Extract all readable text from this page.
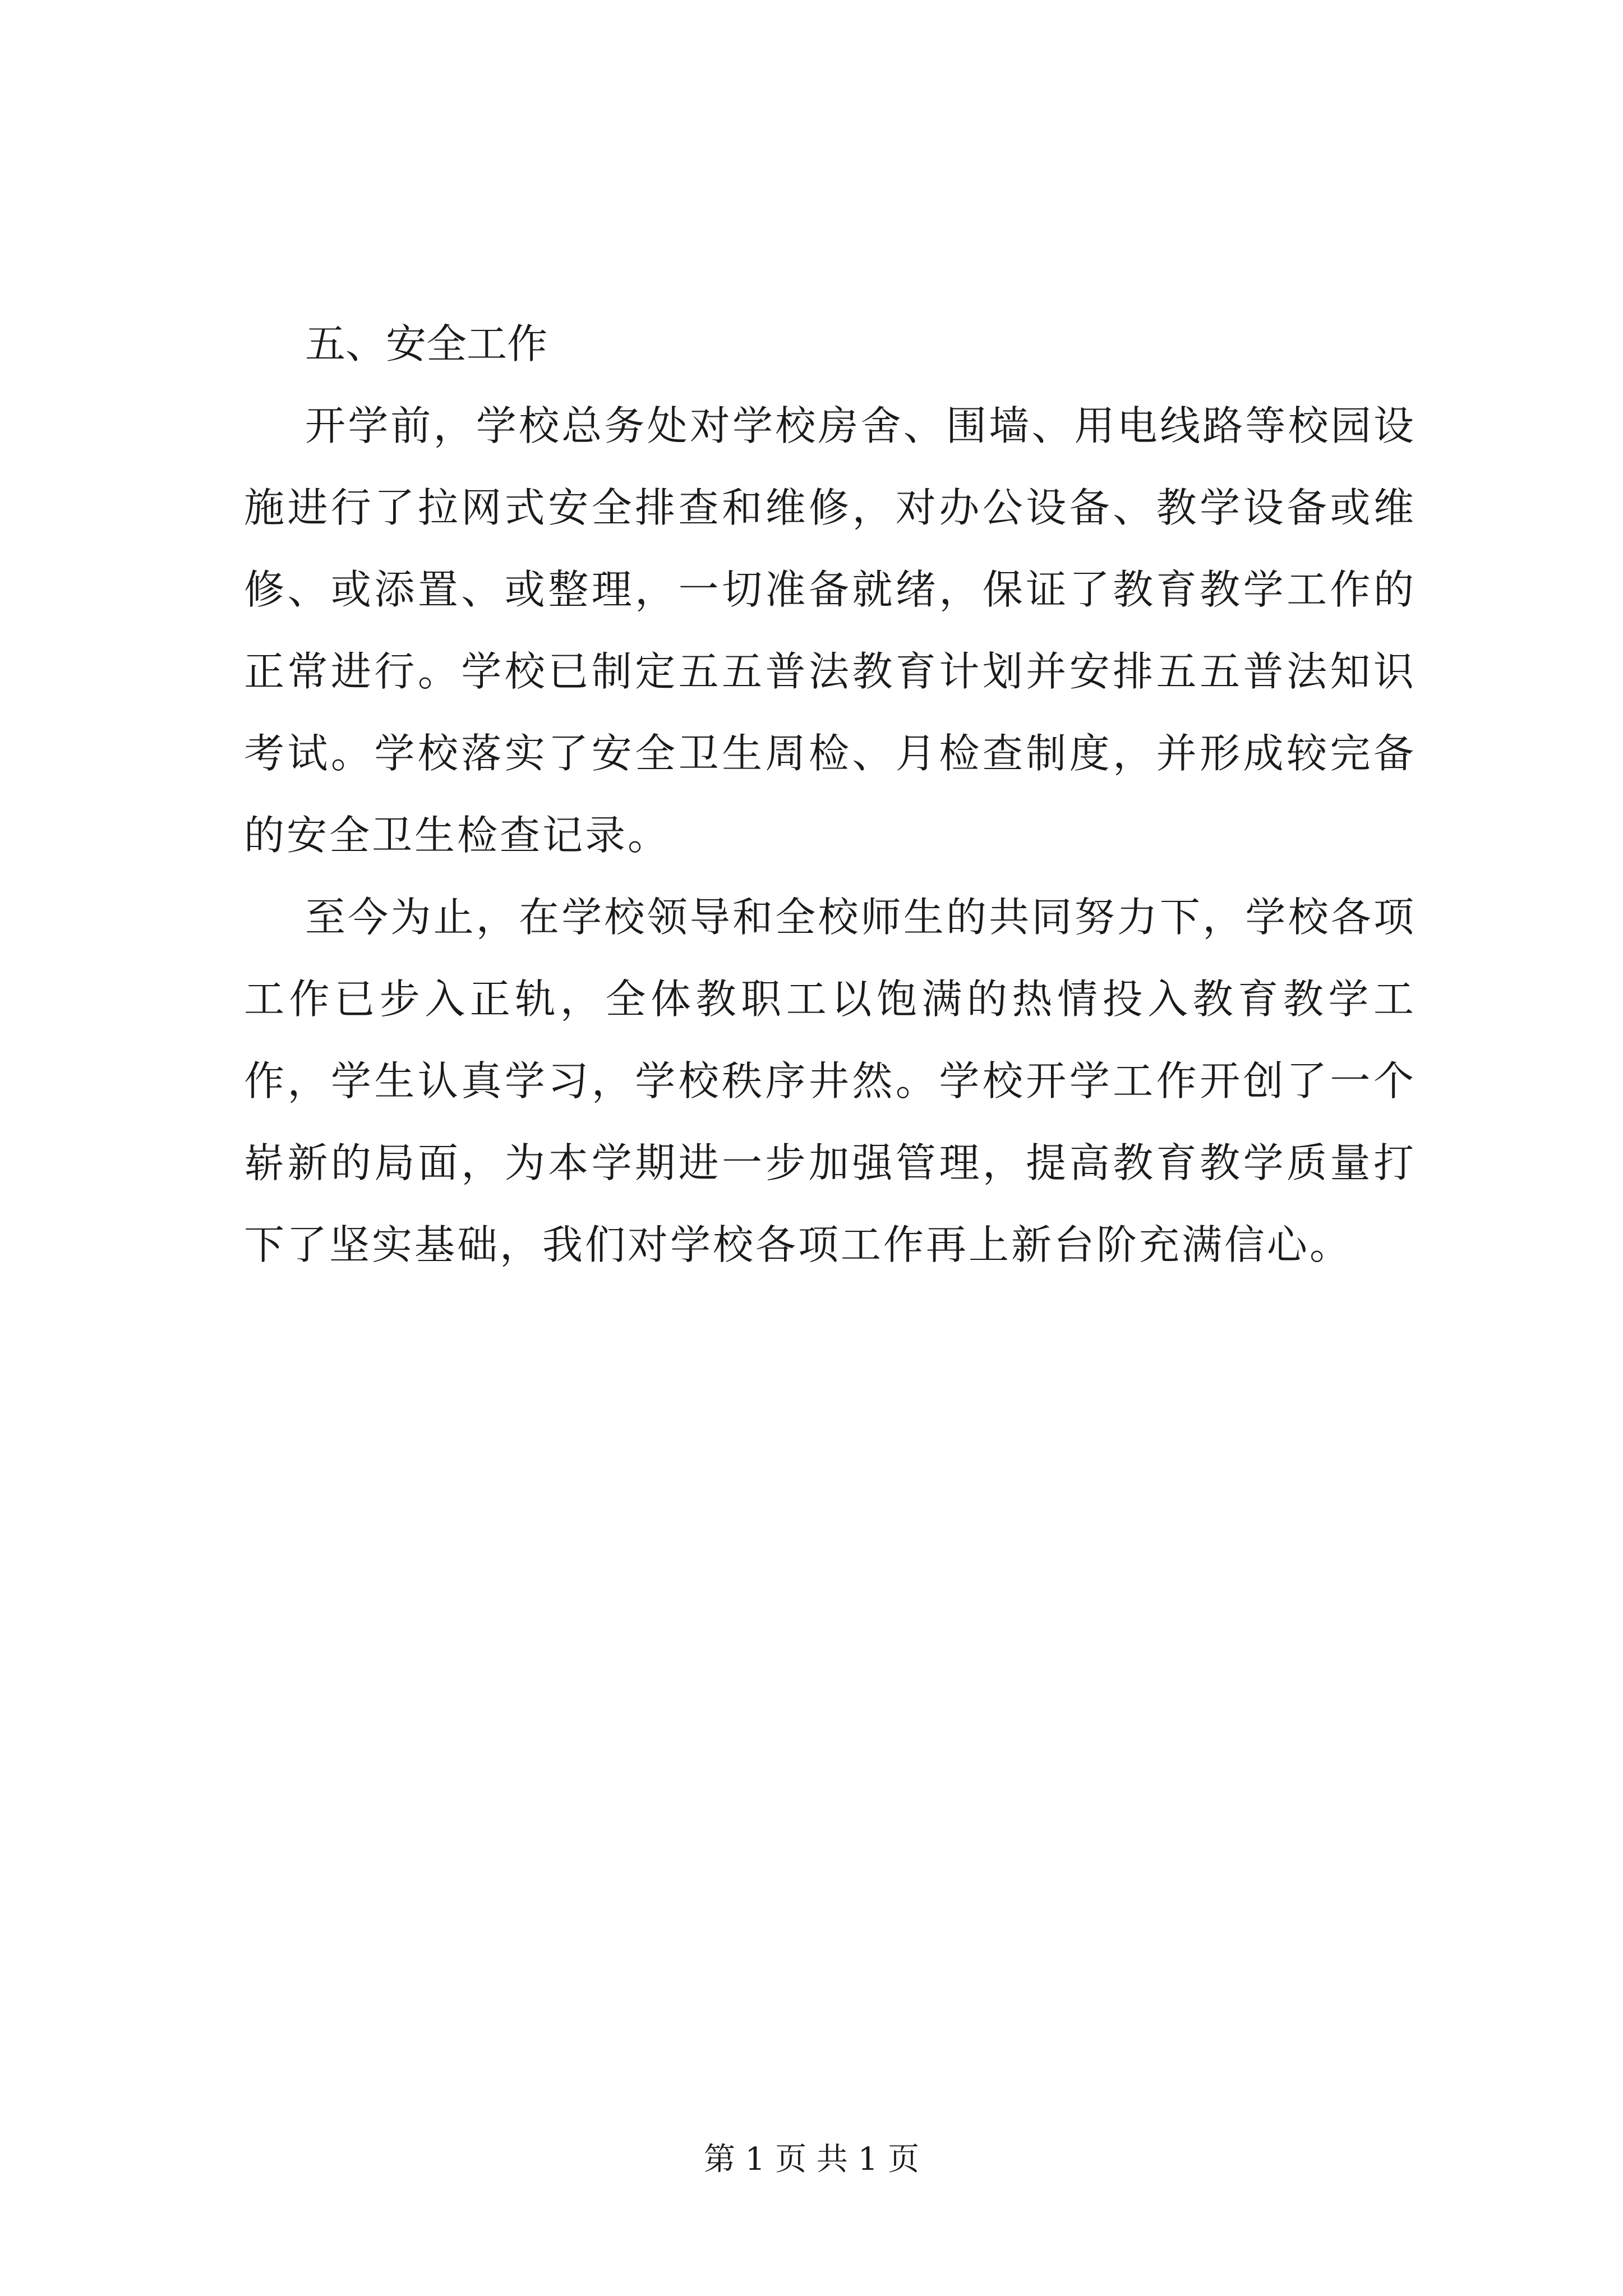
五、安全工作

开学前，学校总务处对学校房舍、围墙、用电线路等校园设施进行了拉网式安全排查和维修，对办公设备、教学设备或维修、或添置、或整理，一切准备就绪，保证了教育教学工作的正常进行。学校已制定五五普法教育计划并安排五五普法知识考试。学校落实了安全卫生周检、月检查制度，并形成较完备的安全卫生检查记录。

至今为止，在学校领导和全校师生的共同努力下，学校各项工作已步入正轨，全体教职工以饱满的热情投入教育教学工作，学生认真学习，学校秩序井然。学校开学工作开创了一个崭新的局面，为本学期进一步加强管理，提高教育教学质量打下了坚实基础，我们对学校各项工作再上新台阶充满信心。

第 1 页 共 1 页
